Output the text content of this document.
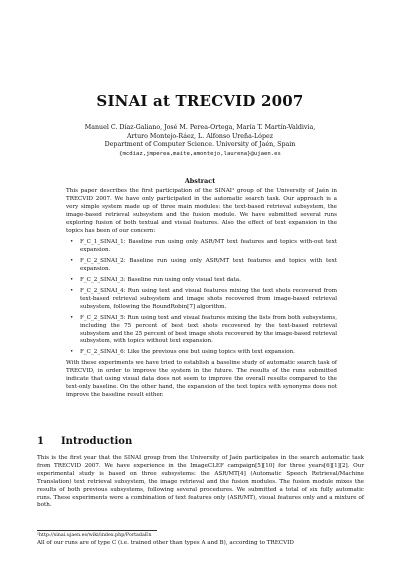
SINAI at TRECVID 2007
Manuel C. Díaz-Galiano, José M. Perea-Ortega, María T. Martín-Valdivia,
Arturo Montejo-Ráez, L. Alfonso Ureña-López
Department of Computer Science. University of Jaén, Spain
{mcdiaz,jmperea,maite,amontejo,laurena}@ujaen.es
Abstract

This paper describes the first participation of the SINAI¹ group of the University of Jaén in TRECVID 2007. We have only participated in the automatic search task. Our approach is a very simple system made up of three main modules: the text-based retrieval subsystem, the image-based retrieval subsystem and the fusion module. We have submitted several runs exploring fusion of both textual and visual features. Also the effect of text expansion in the topics has been of our concern:

• F_C_1_SINAI_1: Baseline run using only ASR/MT text features and topics with-out text expansion.
• F_C_2_SINAI_2: Baseline run using only ASR/MT text features and topics with text expansion.
• F_C_2_SINAI_3: Baseline run using only visual test data.
• F_C_2_SINAI_4: Run using text and visual features mixing the text shots recovered from text-based retrieval subsystem and image shots recovered from image-based retrieval subsystem, following the RoundRobin[7] algorithm.
• F_C_2_SINAI_5: Run using text and visual features mixing the lists from both subsystems, including the 75 percent of best text shots recovered by the text-based retrieval subsystem and the 25 percent of best image shots recovered by the image-based retrieval subsystem, with topics without text expansion.
• F_C_2_SINAI_6: Like the previous one but using topics with text expansion.

With these experiments we have tried to establish a baseline study of automatic search task of TRECVID, in order to improve the system in the future. The results of the runs submitted indicate that using visual data does not seem to improve the overall results compared to the text-only baseline. On the other hand, the expansion of the text topics with synonyms does not improve the baseline result either.

1 Introduction

This is the first year that the SINAI group from the University of Jaén participates in the search automatic task from TRECVID 2007. We have experience in the ImageCLEF campaign[5][10] for three years[6][1][2]. Our experimental study is based on three subsystems: the ASR/MT[4] (Automatic Speech Retrieval/Machine Translation) text retrieval subsystem, the image retrieval and the fusion modules. The fusion module mixes the results of both previous subsystems, following several procedures. We submitted a total of six fully automatic runs. These experiments were a combination of text features only (ASR/MT), visual features only and a mixture of both.

¹http://sinai.ujaen.es/wiki/index.php/PortadaEn
All of our runs are of type C (i.e. trained other than types A and B), according to TRECVID
